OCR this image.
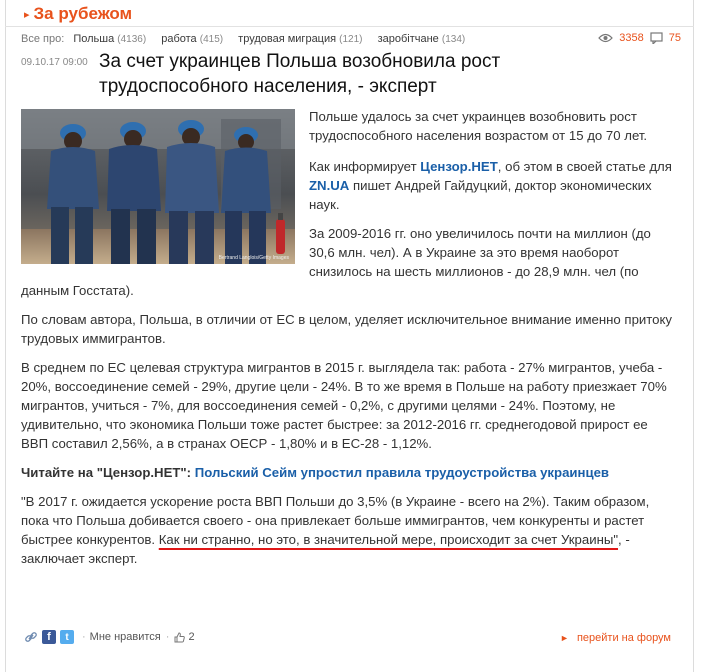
▸ За рубежом
Все про: Польша (4136) работа (415) трудовая миграция (121) заробітчане (134)	3358 75
09.10.17 09:00 За счет украинцев Польша возобновила рост трудоспособного населения, - эксперт
Bertrand Langlois/Getty Images

Польше удалось за счет украинцев возобновить рост трудоспособного населения возрастом от 15 до 70 лет.

Как информирует Цензор.НЕТ, об этом в своей статье для ZN.UA пишет Андрей Гайдуцкий, доктор экономических наук.

За 2009-2016 гг. оно увеличилось почти на миллион (до 30,6 млн. чел). А в Украине за это время наоборот снизилось на шесть миллионов - до 28,9 млн. чел (по данным Госстата).

По словам автора, Польша, в отличии от ЕС в целом, уделяет исключительное внимание именно притоку трудовых иммигрантов.

В среднем по ЕС целевая структура мигрантов в 2015 г. выглядела так: работа - 27% мигрантов, учеба - 20%, воссоединение семей - 29%, другие цели - 24%. В то же время в Польше на работу приезжает 70% мигрантов, учиться - 7%, для воссоединения семей - 0,2%, с другими целями - 24%. Поэтому, не удивительно, что экономика Польши тоже растет быстрее: за 2012-2016 гг. среднегодовой прирост ее ВВП составил 2,56%, а в странах ОЕСР - 1,80% и в ЕС-28 - 1,12%.

Читайте на "Цензор.НЕТ": Польский Сейм упростил правила трудоустройства украинцев

"В 2017 г. ожидается ускорение роста ВВП Польши до 3,5% (в Украине - всего на 2%). Таким образом, пока что Польша добивается своего - она привлекает больше иммигрантов, чем конкуренты и растет быстрее конкурентов. Как ни странно, но это, в значительной мере, происходит за счет Украины", - заключает эксперт.

f	t	· Мне нравится · 2	► перейти на форум
